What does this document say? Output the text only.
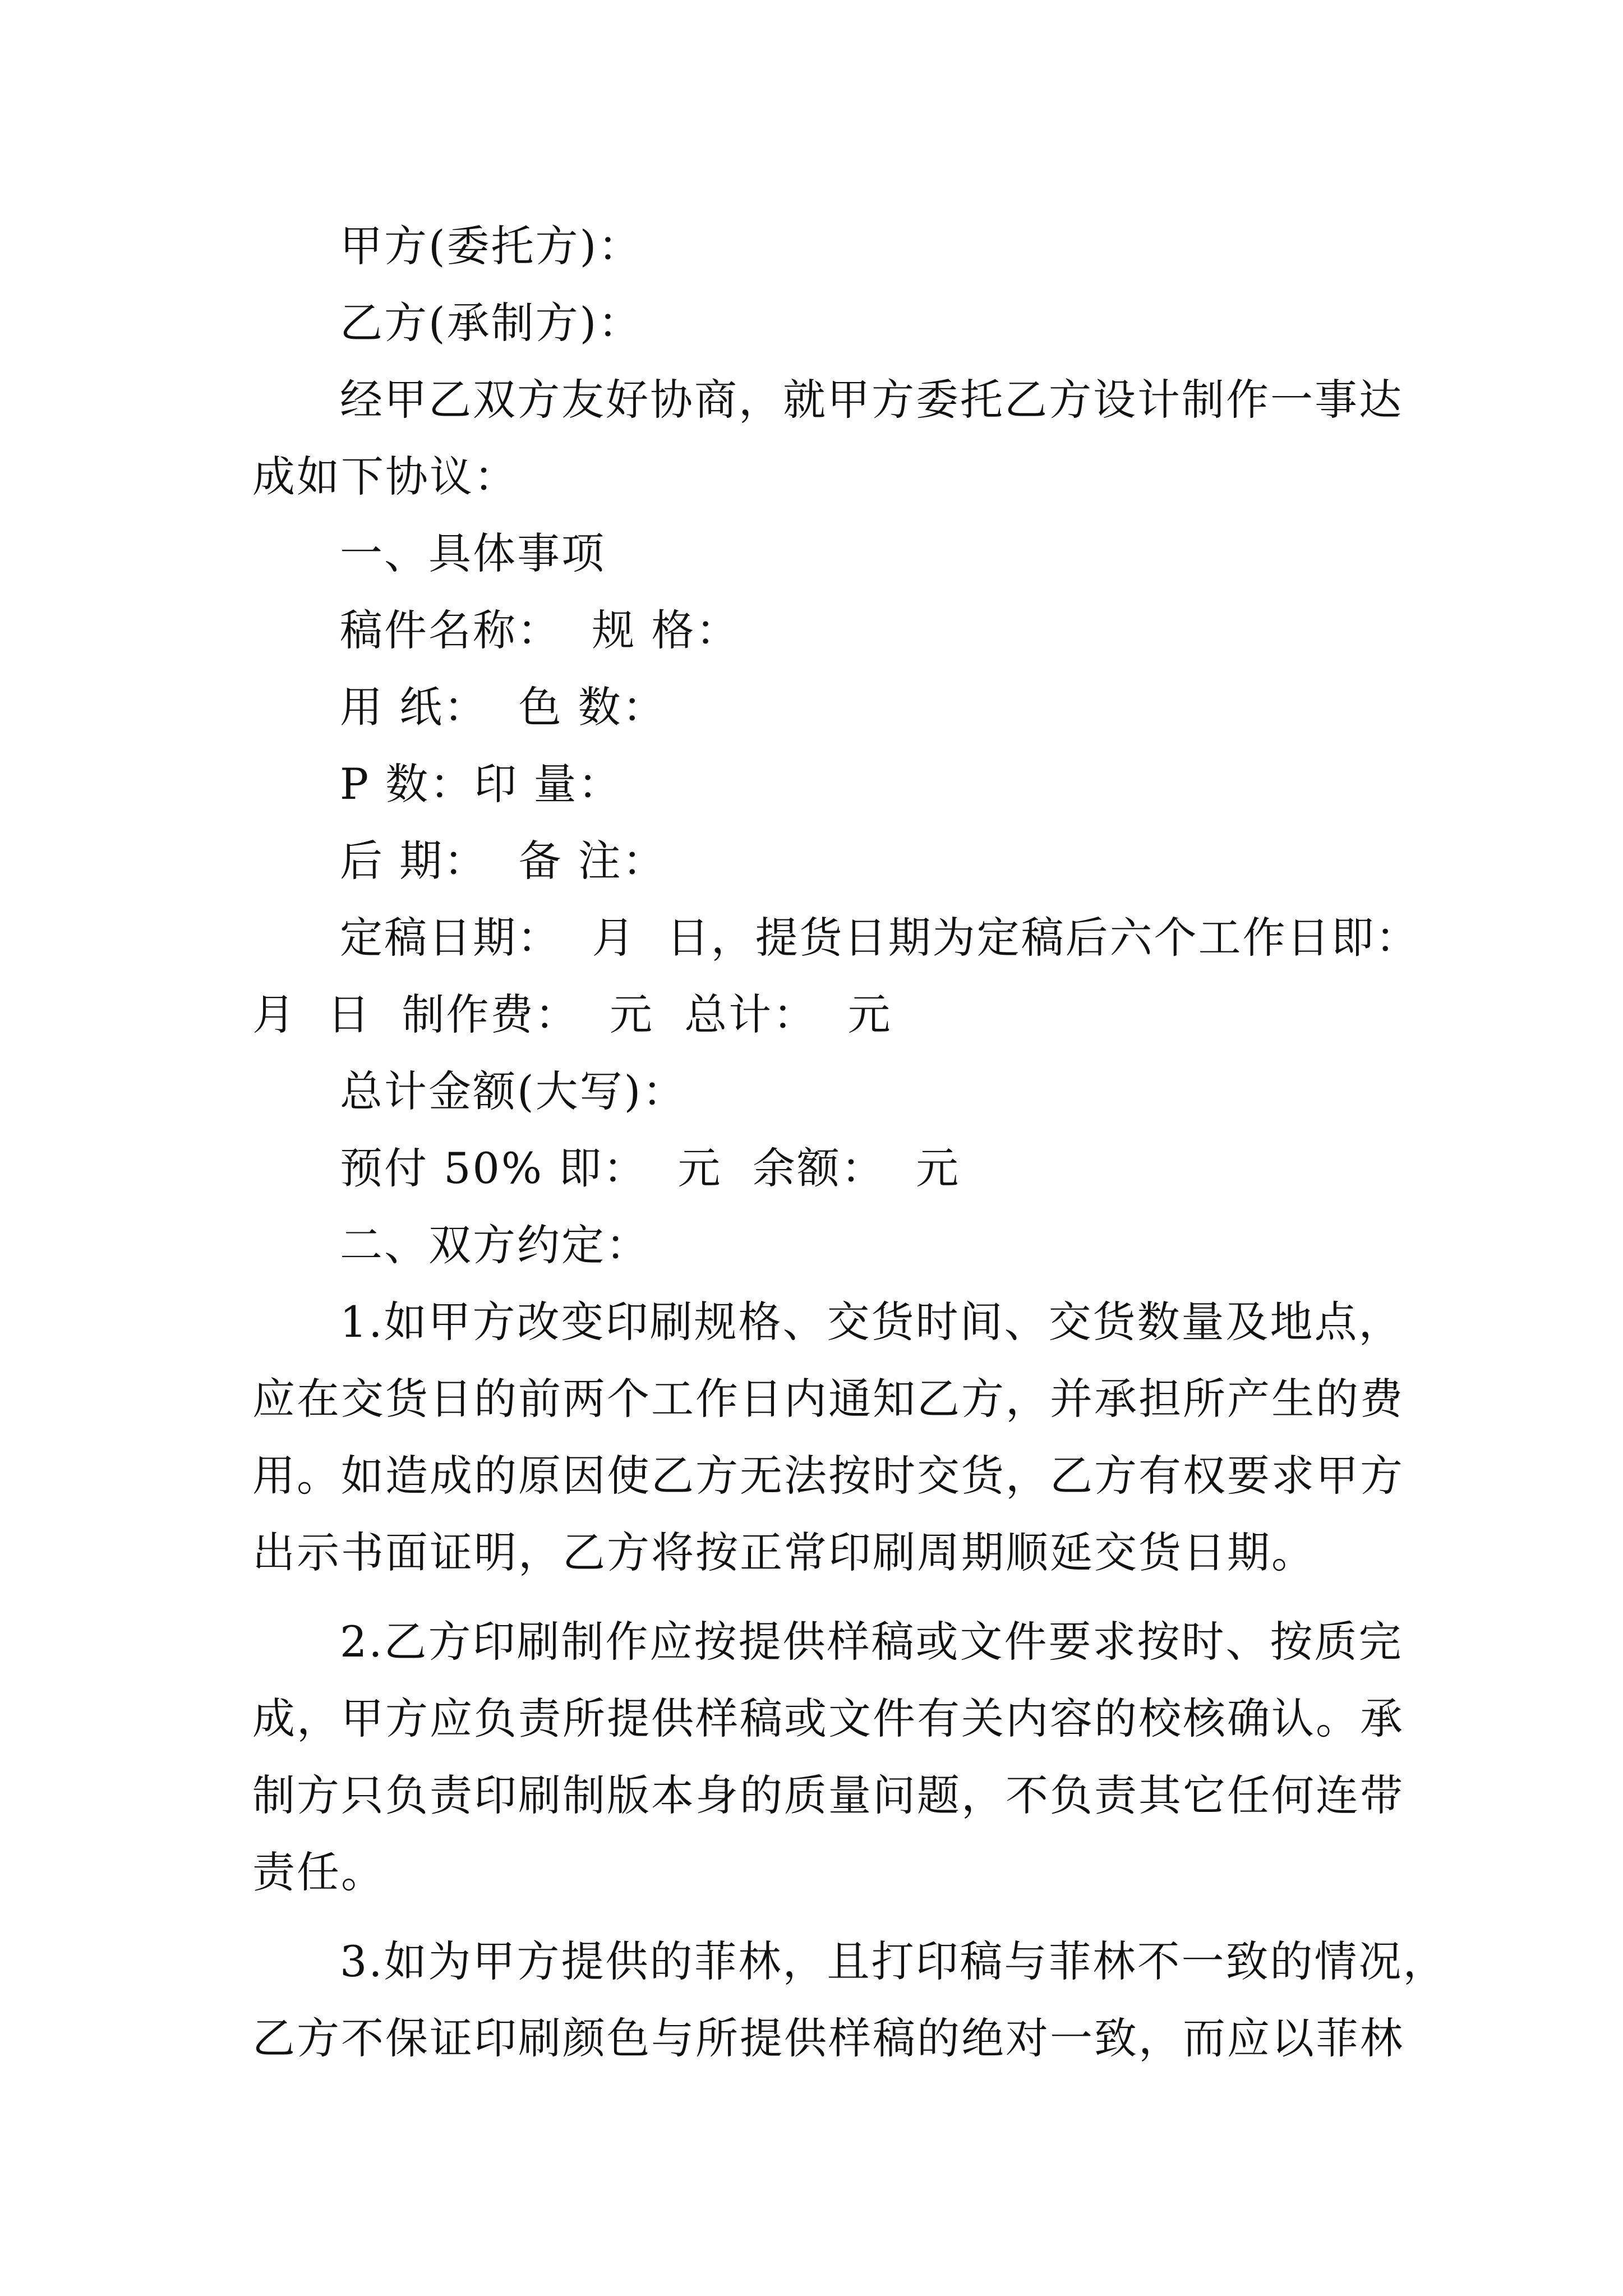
甲方(委托方)：
乙方(承制方)：
经甲乙双方友好协商，就甲方委托乙方设计制作一事达
成如下协议：
一、具体事项
稿件名称：  规 格：
用 纸：  色 数：
P 数：印 量：
后 期：  备 注：
定稿日期：  月  日，提货日期为定稿后六个工作日即：
月  日  制作费：  元  总计：  元
总计金额(大写)：
预付 50% 即：  元  余额：  元
二、双方约定：
1.如甲方改变印刷规格、交货时间、交货数量及地点，
应在交货日的前两个工作日内通知乙方，并承担所产生的费
用。如造成的原因使乙方无法按时交货，乙方有权要求甲方
出示书面证明，乙方将按正常印刷周期顺延交货日期。
2.乙方印刷制作应按提供样稿或文件要求按时、按质完
成，甲方应负责所提供样稿或文件有关内容的校核确认。承
制方只负责印刷制版本身的质量问题，不负责其它任何连带
责任。
3.如为甲方提供的菲林，且打印稿与菲林不一致的情况，
乙方不保证印刷颜色与所提供样稿的绝对一致，而应以菲林
